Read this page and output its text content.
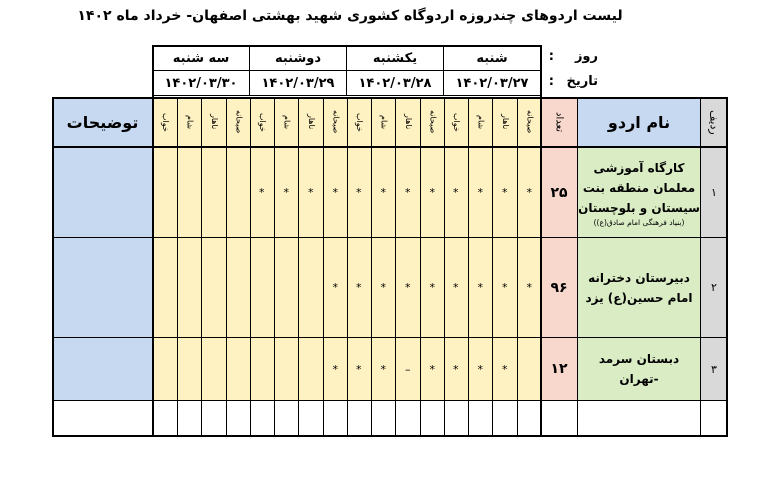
لیست اردوهای چندروزه اردوگاه کشوری شهید بهشتی اصفهان- خرداد ماه ۱۴۰۲
شنبه
۱۴۰۲/۰۳/۲۷
یکشنبه
۱۴۰۲/۰۳/۲۸
دوشنبه
۱۴۰۲/۰۳/۲۹
سه شنبه
۱۴۰۲/۰۳/۳۰
روز
:
تاریخ
:
ردیف
نام اردو
تعداد
توضیحات	صبحانه
ناهار
شام
خواب
صبحانه
ناهار
شام
خواب
صبحانه
ناهار
شام
خواب
صبحانه
ناهار
شام
خواب
۱
کارگاه آموزشی
معلمان منطقه بنت
سیستان و بلوچستان
(بنیاد فرهنگی امام صادق(ع))
۲۵
*
*
*
*
*
*
*
*
*
*
*
*
۲
دبیرستان دخترانه
امام حسین(ع) یزد
۹۶
*
*
*
*
*
*
*
*
*
۳
دبستان سرمد -تهران
۱۲
*
*
*
*
–
*
*
*
